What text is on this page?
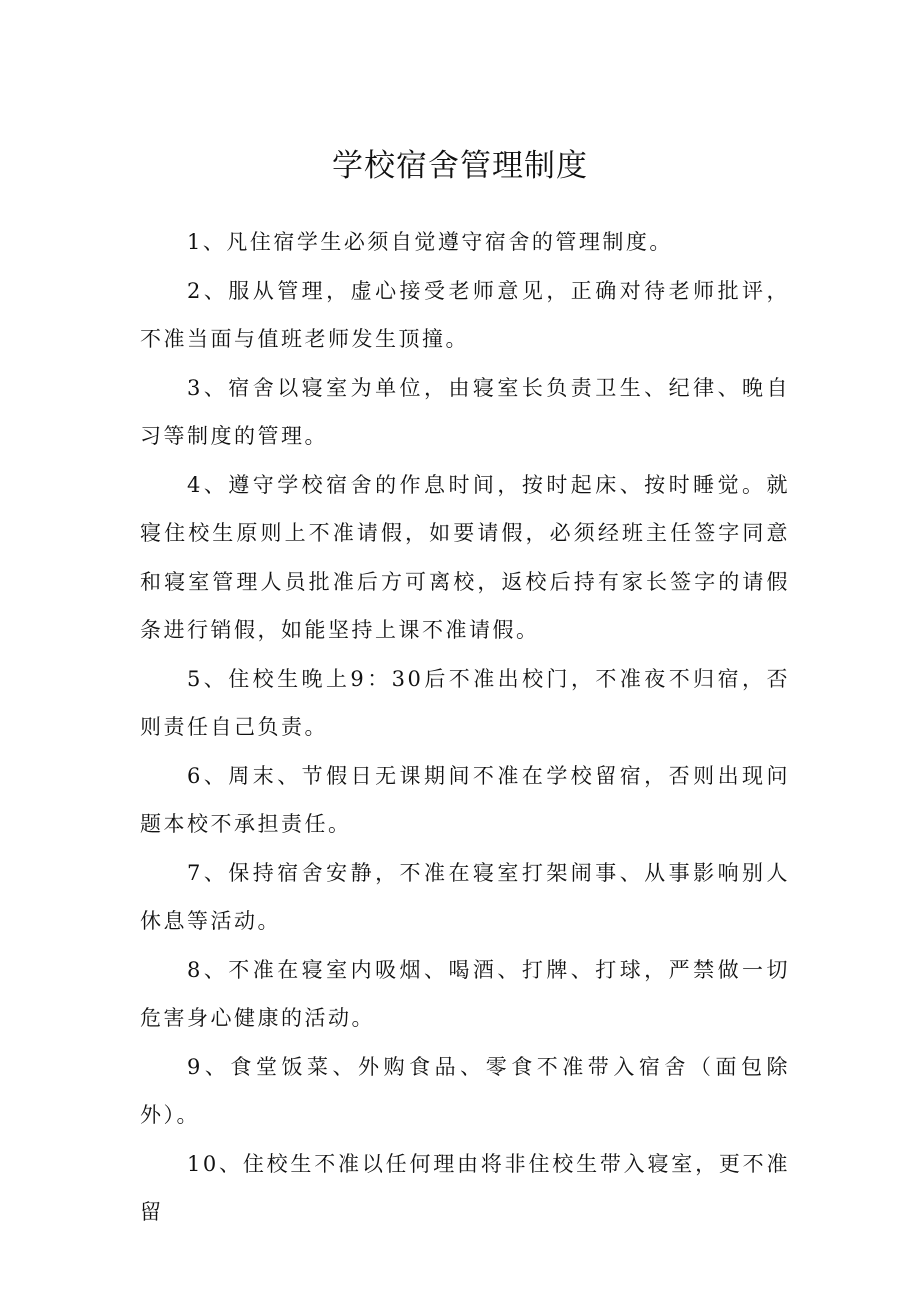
学校宿舍管理制度

1、凡住宿学生必须自觉遵守宿舍的管理制度。

2、服从管理，虚心接受老师意见，正确对待老师批评，不准当面与值班老师发生顶撞。

3、宿舍以寝室为单位，由寝室长负责卫生、纪律、晚自习等制度的管理。

4、遵守学校宿舍的作息时间，按时起床、按时睡觉。就寝住校生原则上不准请假，如要请假，必须经班主任签字同意和寝室管理人员批准后方可离校，返校后持有家长签字的请假条进行销假，如能坚持上课不准请假。

5、住校生晚上9：30后不准出校门，不准夜不归宿，否则责任自己负责。

6、周末、节假日无课期间不准在学校留宿，否则出现问题本校不承担责任。

7、保持宿舍安静，不准在寝室打架闹事、从事影响别人休息等活动。

8、不准在寝室内吸烟、喝酒、打牌、打球，严禁做一切危害身心健康的活动。

9、食堂饭菜、外购食品、零食不准带入宿舍（面包除外）。

10、住校生不准以任何理由将非住校生带入寝室，更不准留
